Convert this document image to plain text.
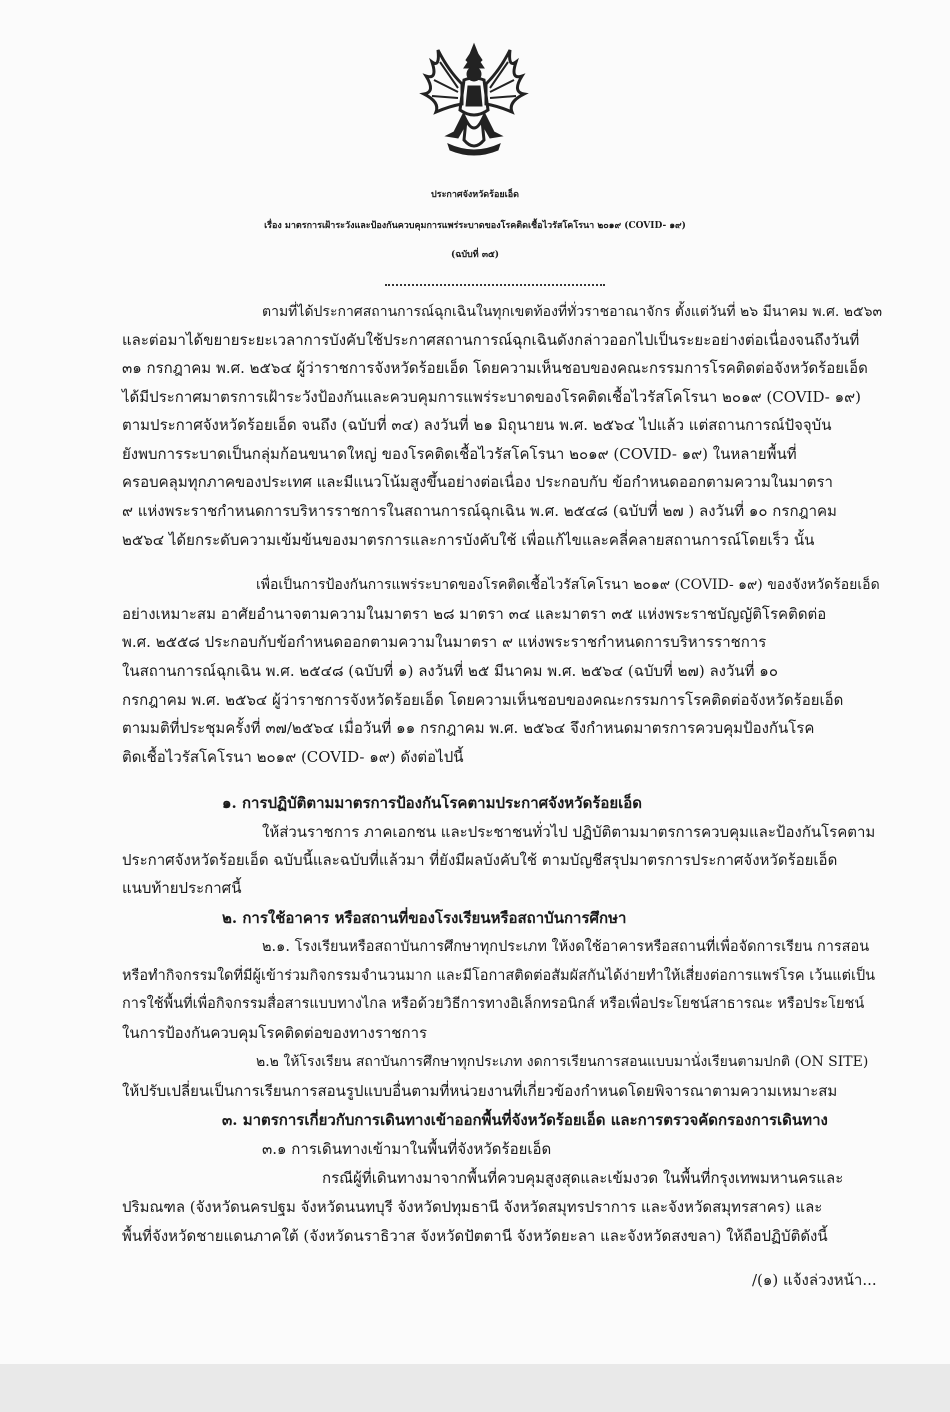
ประกาศจังหวัดร้อยเอ็ด
เรื่อง มาตรการเฝ้าระวังและป้องกันควบคุมการแพร่ระบาดของโรคติดเชื้อไวรัสโคโรนา ๒๐๑๙ (COVID- ๑๙)
(ฉบับที่ ๓๕)
ตามที่ได้ประกาศสถานการณ์ฉุกเฉินในทุกเขตท้องที่ทั่วราชอาณาจักร ตั้งแต่วันที่ ๒๖ มีนาคม พ.ศ. ๒๕๖๓
และต่อมาได้ขยายระยะเวลาการบังคับใช้ประกาศสถานการณ์ฉุกเฉินดังกล่าวออกไปเป็นระยะอย่างต่อเนื่องจนถึงวันที่
๓๑ กรกฎาคม พ.ศ. ๒๕๖๔ ผู้ว่าราชการจังหวัดร้อยเอ็ด โดยความเห็นชอบของคณะกรรมการโรคติดต่อจังหวัดร้อยเอ็ด
ได้มีประกาศมาตรการเฝ้าระวังป้องกันและควบคุมการแพร่ระบาดของโรคติดเชื้อไวรัสโคโรนา ๒๐๑๙ (COVID- ๑๙)
ตามประกาศจังหวัดร้อยเอ็ด จนถึง (ฉบับที่ ๓๔) ลงวันที่ ๒๑ มิถุนายน พ.ศ. ๒๕๖๔ ไปแล้ว แต่สถานการณ์ปัจจุบัน
ยังพบการระบาดเป็นกลุ่มก้อนขนาดใหญ่ ของโรคติดเชื้อไวรัสโคโรนา ๒๐๑๙ (COVID- ๑๙) ในหลายพื้นที่
ครอบคลุมทุกภาคของประเทศ และมีแนวโน้มสูงขึ้นอย่างต่อเนื่อง ประกอบกับ ข้อกำหนดออกตามความในมาตรา
๙ แห่งพระราชกำหนดการบริหารราชการในสถานการณ์ฉุกเฉิน พ.ศ. ๒๕๔๘ (ฉบับที่ ๒๗ ) ลงวันที่ ๑๐ กรกฎาคม
๒๕๖๔ ได้ยกระดับความเข้มข้นของมาตรการและการบังคับใช้ เพื่อแก้ไขและคลี่คลายสถานการณ์โดยเร็ว นั้น
เพื่อเป็นการป้องกันการแพร่ระบาดของโรคติดเชื้อไวรัสโคโรนา ๒๐๑๙ (COVID- ๑๙) ของจังหวัดร้อยเอ็ด
อย่างเหมาะสม อาศัยอำนาจตามความในมาตรา ๒๘ มาตรา ๓๔ และมาตรา ๓๕ แห่งพระราชบัญญัติโรคติดต่อ
พ.ศ. ๒๕๕๘ ประกอบกับข้อกำหนดออกตามความในมาตรา ๙ แห่งพระราชกำหนดการบริหารราชการ
ในสถานการณ์ฉุกเฉิน พ.ศ. ๒๕๔๘ (ฉบับที่ ๑) ลงวันที่ ๒๕ มีนาคม พ.ศ. ๒๕๖๔ (ฉบับที่ ๒๗) ลงวันที่ ๑๐
กรกฎาคม พ.ศ. ๒๕๖๔ ผู้ว่าราชการจังหวัดร้อยเอ็ด โดยความเห็นชอบของคณะกรรมการโรคติดต่อจังหวัดร้อยเอ็ด
ตามมติที่ประชุมครั้งที่ ๓๗/๒๕๖๔ เมื่อวันที่ ๑๑ กรกฎาคม พ.ศ. ๒๕๖๔ จึงกำหนดมาตรการควบคุมป้องกันโรค
ติดเชื้อไวรัสโคโรนา ๒๐๑๙ (COVID- ๑๙) ดังต่อไปนี้
๑. การปฏิบัติตามมาตรการป้องกันโรคตามประกาศจังหวัดร้อยเอ็ด
ให้ส่วนราชการ ภาคเอกชน และประชาชนทั่วไป ปฏิบัติตามมาตรการควบคุมและป้องกันโรคตาม
ประกาศจังหวัดร้อยเอ็ด ฉบับนี้และฉบับที่แล้วมา ที่ยังมีผลบังคับใช้ ตามบัญชีสรุปมาตรการประกาศจังหวัดร้อยเอ็ด
แนบท้ายประกาศนี้
๒. การใช้อาคาร หรือสถานที่ของโรงเรียนหรือสถาบันการศึกษา
๒.๑. โรงเรียนหรือสถาบันการศึกษาทุกประเภท ให้งดใช้อาคารหรือสถานที่เพื่อจัดการเรียน การสอน
หรือทำกิจกรรมใดที่มีผู้เข้าร่วมกิจกรรมจำนวนมาก และมีโอกาสติดต่อสัมผัสกันได้ง่ายทำให้เสี่ยงต่อการแพร่โรค เว้นแต่เป็น
การใช้พื้นที่เพื่อกิจกรรมสื่อสารแบบทางไกล หรือด้วยวิธีการทางอิเล็กทรอนิกส์ หรือเพื่อประโยชน์สาธารณะ หรือประโยชน์
ในการป้องกันควบคุมโรคติดต่อของทางราชการ
๒.๒ ให้โรงเรียน สถาบันการศึกษาทุกประเภท งดการเรียนการสอนแบบมานั่งเรียนตามปกติ (ON SITE)
ให้ปรับเปลี่ยนเป็นการเรียนการสอนรูปแบบอื่นตามที่หน่วยงานที่เกี่ยวข้องกำหนดโดยพิจารณาตามความเหมาะสม
๓. มาตรการเกี่ยวกับการเดินทางเข้าออกพื้นที่จังหวัดร้อยเอ็ด และการตรวจคัดกรองการเดินทาง
๓.๑ การเดินทางเข้ามาในพื้นที่จังหวัดร้อยเอ็ด
กรณีผู้ที่เดินทางมาจากพื้นที่ควบคุมสูงสุดและเข้มงวด ในพื้นที่กรุงเทพมหานครและ
ปริมณฑล (จังหวัดนครปฐม จังหวัดนนทบุรี จังหวัดปทุมธานี จังหวัดสมุทรปราการ และจังหวัดสมุทรสาคร) และ
พื้นที่จังหวัดชายแดนภาคใต้ (จังหวัดนราธิวาส จังหวัดปัตตานี จังหวัดยะลา และจังหวัดสงขลา) ให้ถือปฏิบัติดังนี้
/(๑) แจ้งล่วงหน้า...
